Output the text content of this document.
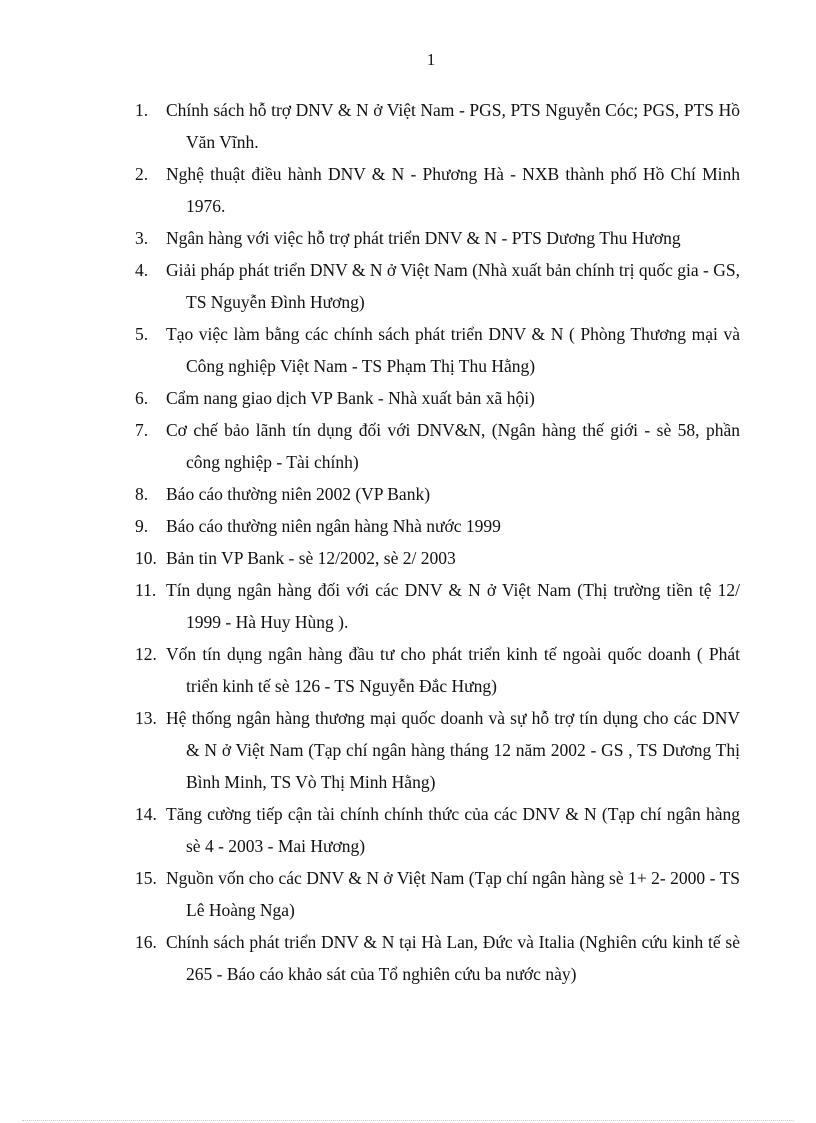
1
1.	Chính sách hỗ trợ DNV & N ở Việt Nam - PGS, PTS Nguyễn Cóc; PGS, PTS Hồ Văn Vĩnh.
2.	Nghệ thuật điều hành DNV & N - Phương Hà - NXB thành phố Hồ Chí Minh 1976.
3.	Ngân hàng với việc hỗ trợ phát triển DNV & N - PTS Dương Thu Hương
4.	Giải pháp phát triển DNV & N ở Việt Nam (Nhà xuất bản chính trị quốc gia - GS, TS Nguyễn Đình Hương)
5.	Tạo việc làm bằng các chính sách phát triển DNV & N ( Phòng Thương mại và Công nghiệp Việt Nam - TS Phạm Thị Thu Hằng)
6.	Cẩm nang giao dịch VP Bank - Nhà xuất bản xã hội)
7.	Cơ chế bảo lãnh tín dụng đối với DNV&N, (Ngân hàng thế giới - sè 58, phần công nghiệp - Tài chính)
8.	Báo cáo thường niên 2002 (VP Bank)
9.	Báo cáo thường niên ngân hàng Nhà nước 1999
10. Bản tin VP Bank - sè 12/2002, sè 2/ 2003
11. Tín dụng ngân hàng đối với các DNV & N ở Việt Nam (Thị trường tiền tệ 12/ 1999 - Hà Huy Hùng ).
12. Vốn tín dụng ngân hàng đầu tư cho phát triển kinh tế ngoài quốc doanh ( Phát triển kinh tế sè 126 - TS Nguyễn Đắc Hưng)
13. Hệ thống ngân hàng thương mại quốc doanh và sự hỗ trợ tín dụng cho các DNV & N ở Việt Nam (Tạp chí ngân hàng tháng 12 năm 2002 - GS , TS Dương Thị Bình Minh, TS Vò Thị Minh Hằng)
14. Tăng cường tiếp cận tài chính chính thức của các DNV & N (Tạp chí ngân hàng sè 4 - 2003 - Mai Hương)
15. Nguồn vốn cho các DNV & N ở Việt Nam (Tạp chí ngân hàng sè 1+ 2- 2000 - TS Lê Hoàng Nga)
16. Chính sách phát triển DNV & N tại Hà Lan, Đức và Italia (Nghiên cứu kinh tế sè 265 - Báo cáo khảo sát của Tổ nghiên cứu ba nước này)
